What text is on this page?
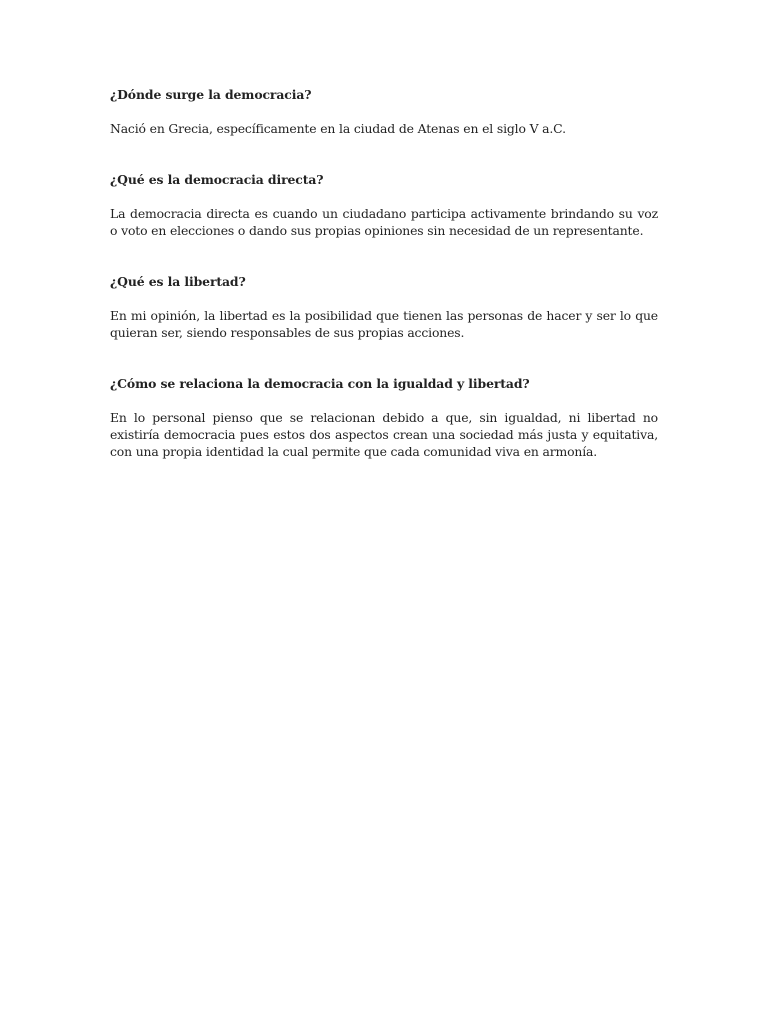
¿Dónde surge la democracia?

Nació en Grecia, específicamente en la ciudad de Atenas en el siglo V a.C.

¿Qué es la democracia directa?

La democracia directa es cuando un ciudadano participa activamente brindando su voz o voto en elecciones o dando sus propias opiniones sin necesidad de un representante.

¿Qué es la libertad?

En mi opinión, la libertad es la posibilidad que tienen las personas de hacer y ser lo que quieran ser, siendo responsables de sus propias acciones.

¿Cómo se relaciona la democracia con la igualdad y libertad?

En lo personal pienso que se relacionan debido a que, sin igualdad, ni libertad no existiría democracia pues estos dos aspectos crean una sociedad más justa y equitativa, con una propia identidad la cual permite que cada comunidad viva en armonía.
